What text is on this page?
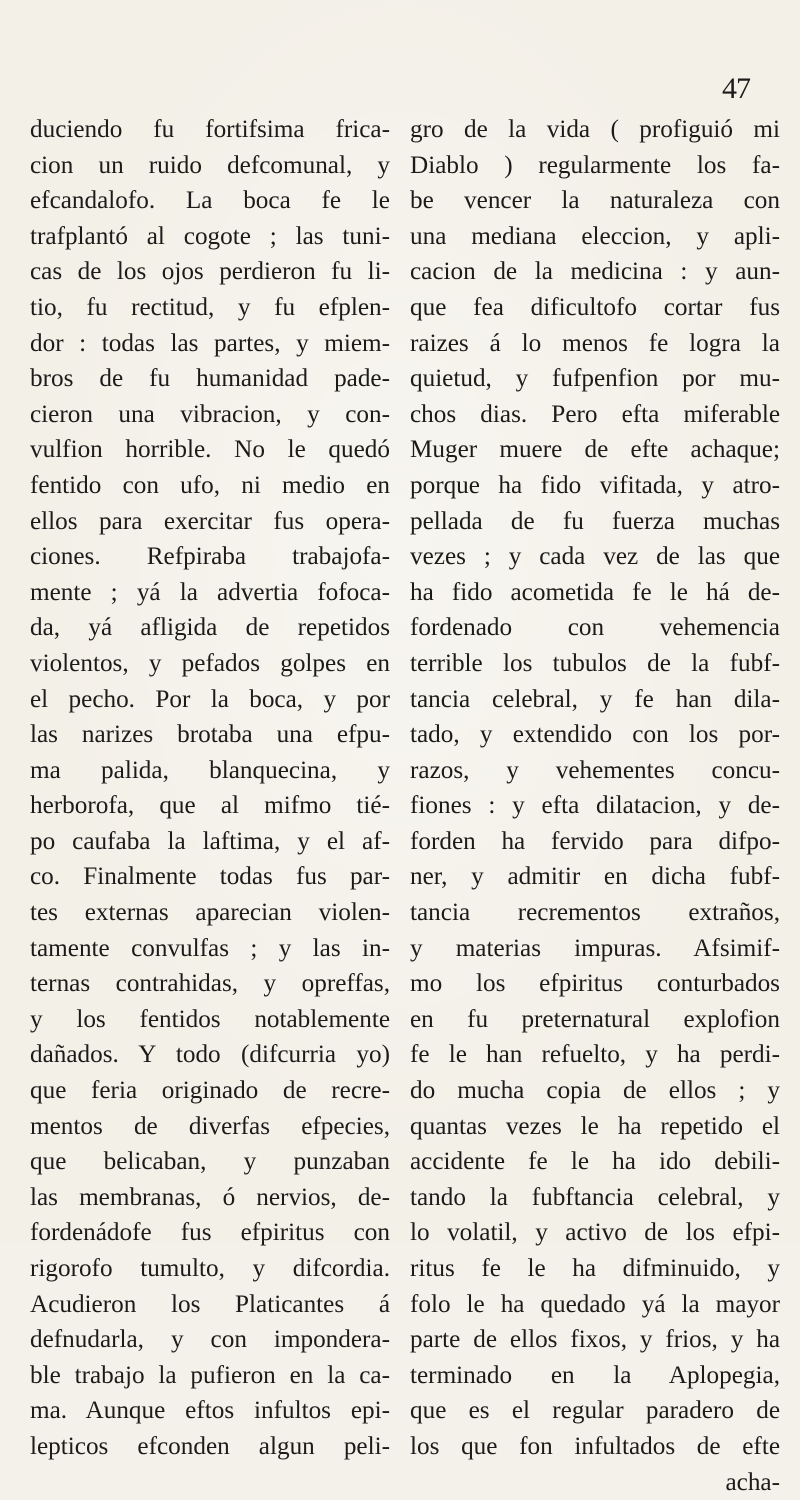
47
duciendo fu fortifsima frica-
cion un ruido defcomunal, y
efcandalofo. La boca fe le
trafplantó al cogote ; las tuni-
cas de los ojos perdieron fu li-
tio, fu rectitud, y fu efplen-
dor : todas las partes, y miem-
bros de fu humanidad pade-
cieron una vibracion, y con-
vulfion horrible. No le quedó
fentido con ufo, ni medio en
ellos para exercitar fus opera-
ciones. Refpiraba trabajofa-
mente ; yá la advertia fofoca-
da, yá afligida de repetidos
violentos, y pefados golpes en
el pecho. Por la boca, y por
las narizes brotaba una efpu-
ma palida, blanquecina, y
herborofa, que al mifmo tié-
po caufaba la laftima, y el af-
co. Finalmente todas fus par-
tes externas aparecian violen-
tamente convulfas ; y las in-
ternas contrahidas, y opreffas,
y los fentidos notablemente
dañados. Y todo (difcurria yo)
que feria originado de recre-
mentos de diverfas efpecies,
que belicaban, y punzaban
las membranas, ó nervios, de-
fordenádofe fus efpiritus con
rigorofo tumulto, y difcordia.
Acudieron los Platicantes á
defnudarla, y con imponderа-
ble trabajo la pufieron en la ca-
ma. Aunque eftos infultos epi-
lepticos efconden algun peli-
gro de la vida ( profiguió mi
Diablo ) regularmente los fa-
be vencer la naturaleza con
una mediana eleccion, y apli-
cacion de la medicina : y aun-
que fea dificultofo cortar fus
raizes á lo menos fe logra la
quietud, y fufpenfion por mu-
chos dias. Pero efta miferable
Muger muere de efte achaque;
porque ha fido vifitada, y atro-
pellada de fu fuerza muchas
vezes ; y cada vez de las que
ha fido acometida fe le há de-
fordenado con vehemencia
terrible los tubulos de la fubf-
tancia celebral, y fe han dila-
tado, y extendido con los por-
razos, y vehementes concu-
fiones : y efta dilatacion, y de-
forden ha fervido para difpo-
ner, y admitir en dicha fubf-
tancia recrementos extraños,
y materias impuras. Afsimif-
mo los efpiritus conturbados
en fu preternatural explofion
fe le han refuelto, y ha perdi-
do mucha copia de ellos ; y
quantas vezes le ha repetido el
accidente fe le ha ido debili-
tando la fubftancia celebral, y
lo volatil, y activo de los efpi-
ritus fe le ha difminuido, y
folo le ha quedado yá la mayor
parte de ellos fixos, y frios, y ha
terminado en la Aplopegia,
que es el regular paradero de
los que fon infultados de efte
acha-
